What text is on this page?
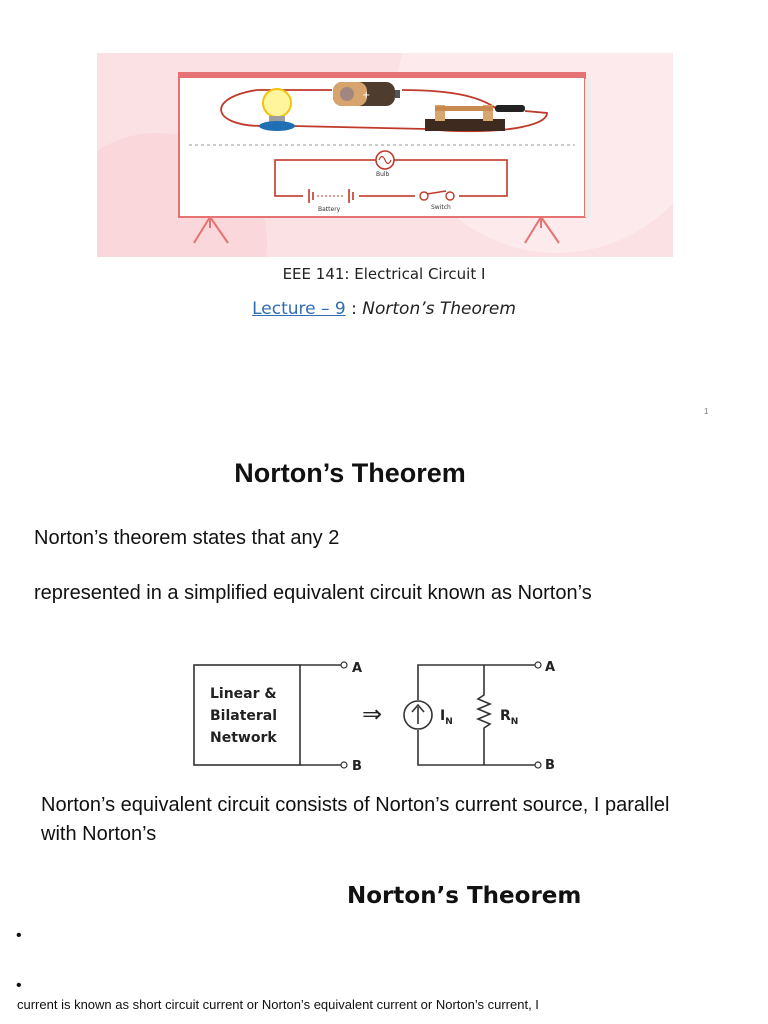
+
Bulb
Battery	Switch
EEE 141: Electrical Circuit I
Lecture – 9 : Norton’s Theorem
1
Norton’s Theorem
Norton’s theorem states that any 2
represented in a simplified equivalent circuit known as Norton’s
Linear &
Bilateral
Network
A
B
⇒	$I_N$	$R_N$
A
B
Norton’s equivalent circuit consists of Norton’s current source, I parallel with Norton’s
Norton’s Theorem
•
•
current is known as short circuit current or Norton’s equivalent current or Norton’s current, I
